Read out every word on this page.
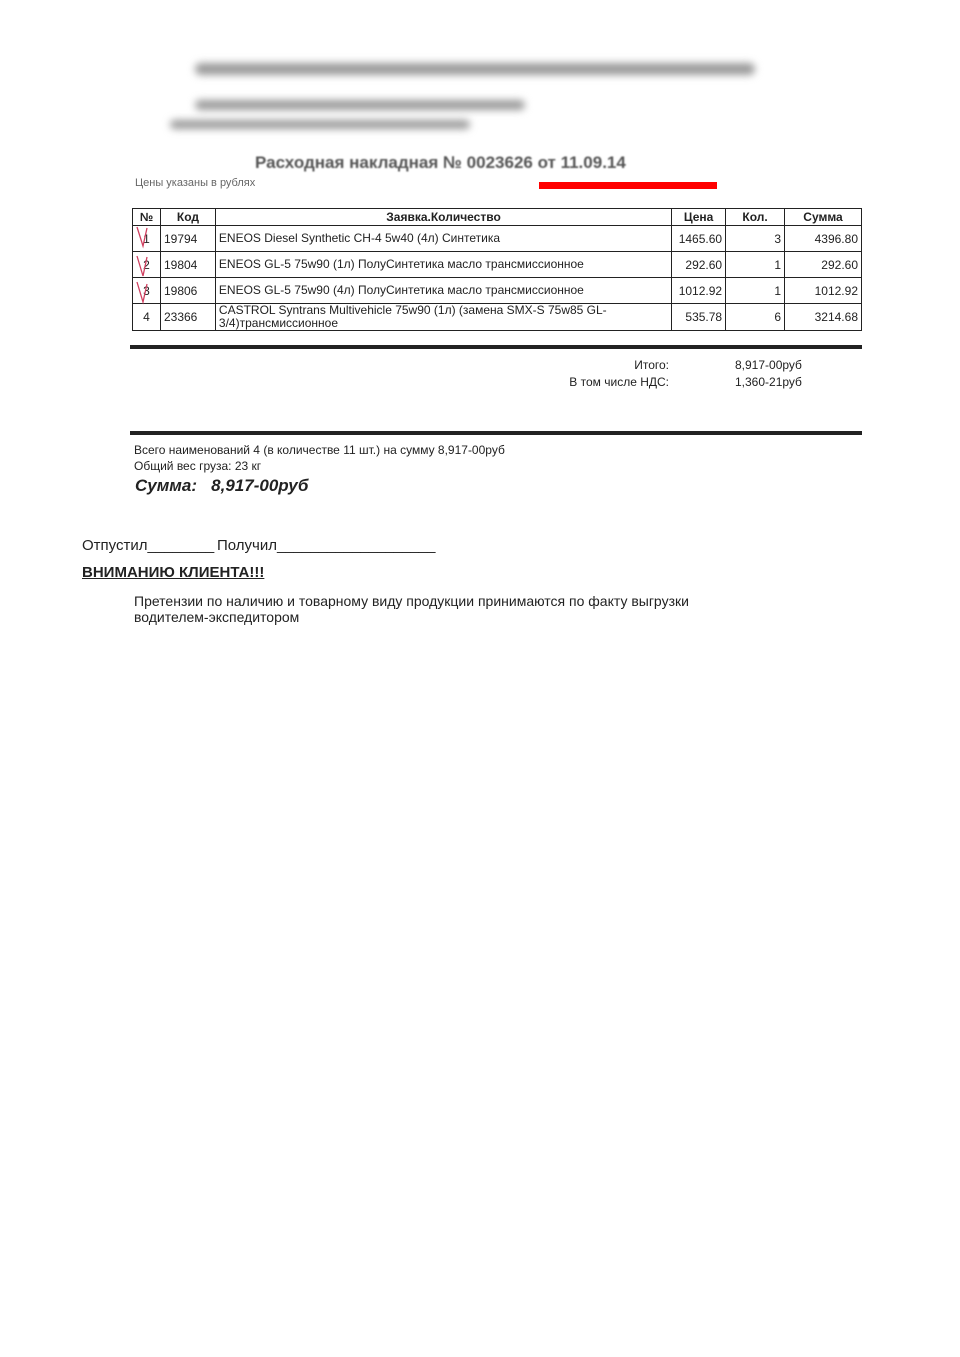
Расходная накладная № 0023626 от 11.09.14
Цены указаны в рублях
№	Код	Заявка.Количество	Цена	Кол.	Сумма
1	19794	ENEOS Diesel Synthetic CH-4 5w40 (4л) Синтетика	1465.60	3	4396.80
2	19804	ENEOS GL-5 75w90 (1л) ПолуСинтетика масло трансмиссионное	292.60	1	292.60
3	19806	ENEOS GL-5 75w90 (4л) ПолуСинтетика масло трансмиссионное	1012.92	1	1012.92
4	23366	CASTROL Syntrans Multivehicle 75w90 (1л) (замена SMX-S 75w85 GL-3/4)трансмиссионное	535.78	6	3214.68
Итого:	8,917-00руб
В том числе НДС:	1,360-21руб
Всего наименований 4 (в количестве 11 шт.) на сумму 8,917-00руб
Общий вес груза: 23 кг
Сумма: 8,917-00руб
Отпустил________ Получил___________________
ВНИМАНИЮ КЛИЕНТА!!!
Претензии по наличию и товарному виду продукции принимаются по факту выгрузки
водителем-экспедитором
